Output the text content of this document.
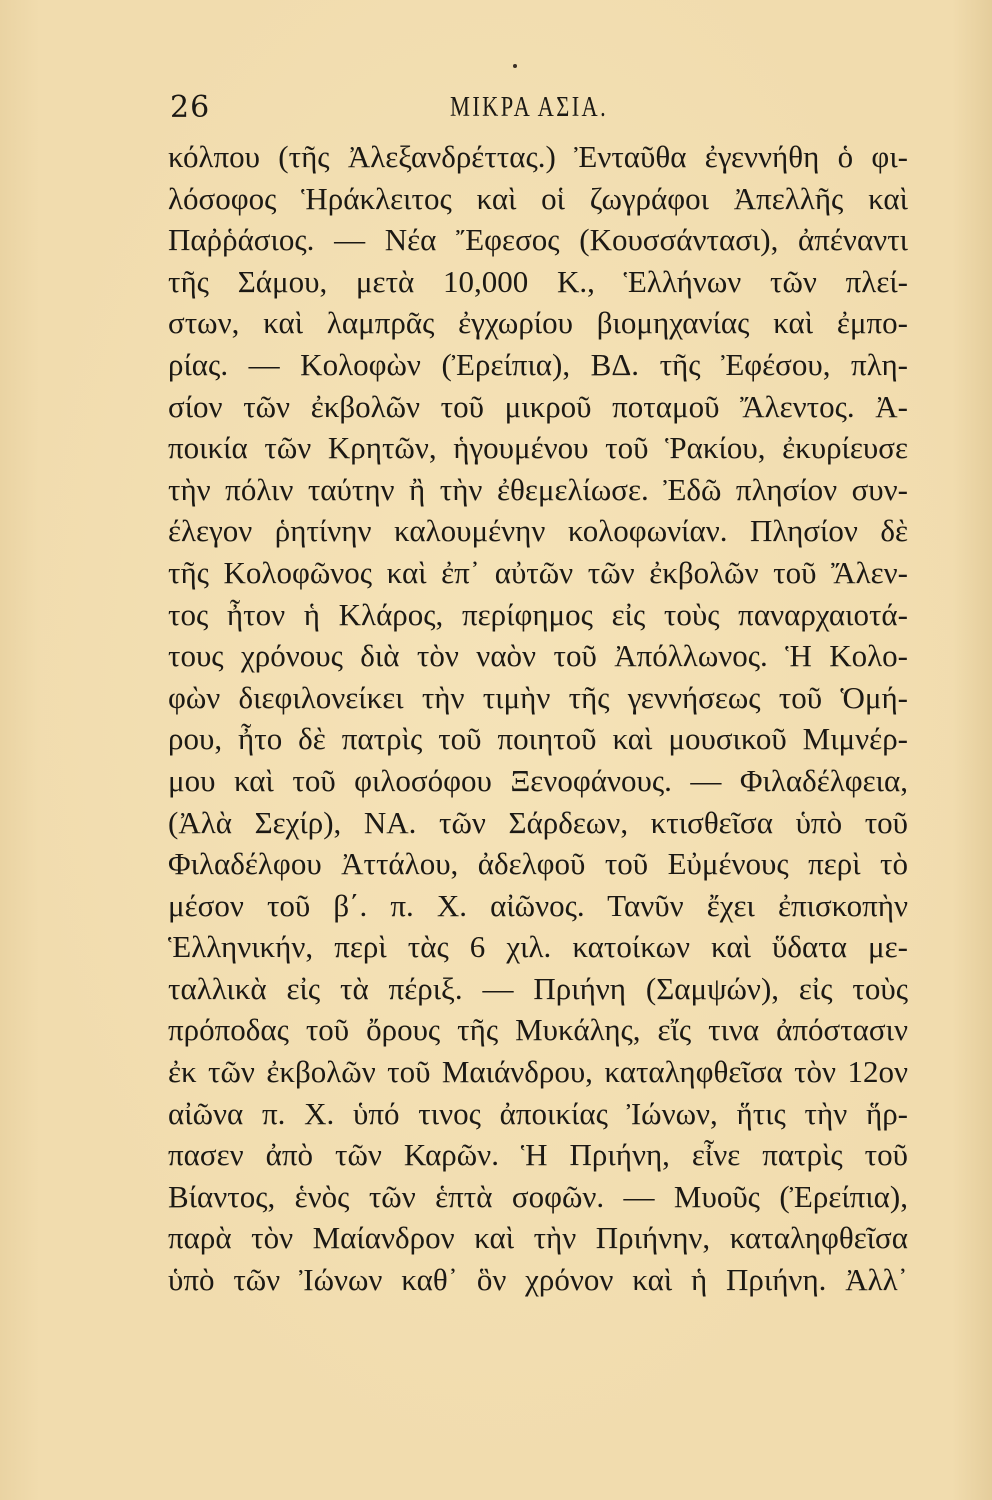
26	ΜΙΚΡΑ ΑΣΙΑ.
κόλπου (τῆς Ἀλεξανδρέττας.) Ἐνταῦθα ἐγεννήθη ὁ φι-
λόσοφος Ἡράκλειτος καὶ οἱ ζωγράφοι Ἀπελλῆς καὶ
Παῤῥάσιος. — Νέα Ἔφεσος (Κουσσάντασι), ἀπέναντι
τῆς Σάμου, μετὰ 10,000 Κ., Ἑλλήνων τῶν πλεί-
στων, καὶ λαμπρᾶς ἐγχωρίου βιομηχανίας καὶ ἐμπο-
ρίας. — Κολοφὼν (Ἐρείπια), ΒΔ. τῆς Ἐφέσου, πλη-
σίον τῶν ἐκβολῶν τοῦ μικροῦ ποταμοῦ Ἄλεντος. Ἀ-
ποικία τῶν Κρητῶν, ἡγουμένου τοῦ Ῥακίου, ἐκυρίευσε
τὴν πόλιν ταύτην ἢ τὴν ἐθεμελίωσε. Ἐδῶ πλησίον συν-
έλεγον ῥητίνην καλουμένην κολοφωνίαν. Πλησίον δὲ
τῆς Κολοφῶνος καὶ ἐπ᾿ αὐτῶν τῶν ἐκβολῶν τοῦ Ἄλεν-
τος ἦτον ἡ Κλάρος, περίφημος εἰς τοὺς παναρχαιοτά-
τους χρόνους διὰ τὸν ναὸν τοῦ Ἀπόλλωνος. Ἡ Κολο-
φὼν διεφιλονείκει τὴν τιμὴν τῆς γεννήσεως τοῦ Ὁμή-
ρου, ἦτο δὲ πατρὶς τοῦ ποιητοῦ καὶ μουσικοῦ Μιμνέρ-
μου καὶ τοῦ φιλοσόφου Ξενοφάνους. — Φιλαδέλφεια,
(Ἀλὰ Σεχίρ), ΝΑ. τῶν Σάρδεων, κτισθεῖσα ὑπὸ τοῦ
Φιλαδέλφου Ἀττάλου, ἀδελφοῦ τοῦ Εὐμένους περὶ τὸ
μέσον τοῦ β΄. π. Χ. αἰῶνος. Τανῦν ἔχει ἐπισκοπὴν
Ἑλληνικήν, περὶ τὰς 6 χιλ. κατοίκων καὶ ὕδατα με-
ταλλικὰ εἰς τὰ πέριξ. — Πριήνη (Σαμψών), εἰς τοὺς
πρόποδας τοῦ ὄρους τῆς Μυκάλης, εἴς τινα ἀπόστασιν
ἐκ τῶν ἐκβολῶν τοῦ Μαιάνδρου, καταληφθεῖσα τὸν 12ον
αἰῶνα π. Χ. ὑπό τινος ἀποικίας Ἰώνων, ἥτις τὴν ἥρ-
πασεν ἀπὸ τῶν Καρῶν. Ἡ Πριήνη, εἶνε πατρὶς τοῦ
Βίαντος, ἑνὸς τῶν ἑπτὰ σοφῶν. — Μυοῦς (Ἐρείπια),
παρὰ τὸν Μαίανδρον καὶ τὴν Πριήνην, καταληφθεῖσα
ὑπὸ τῶν Ἰώνων καθ᾿ ὃν χρόνον καὶ ἡ Πριήνη. Ἀλλ᾿
